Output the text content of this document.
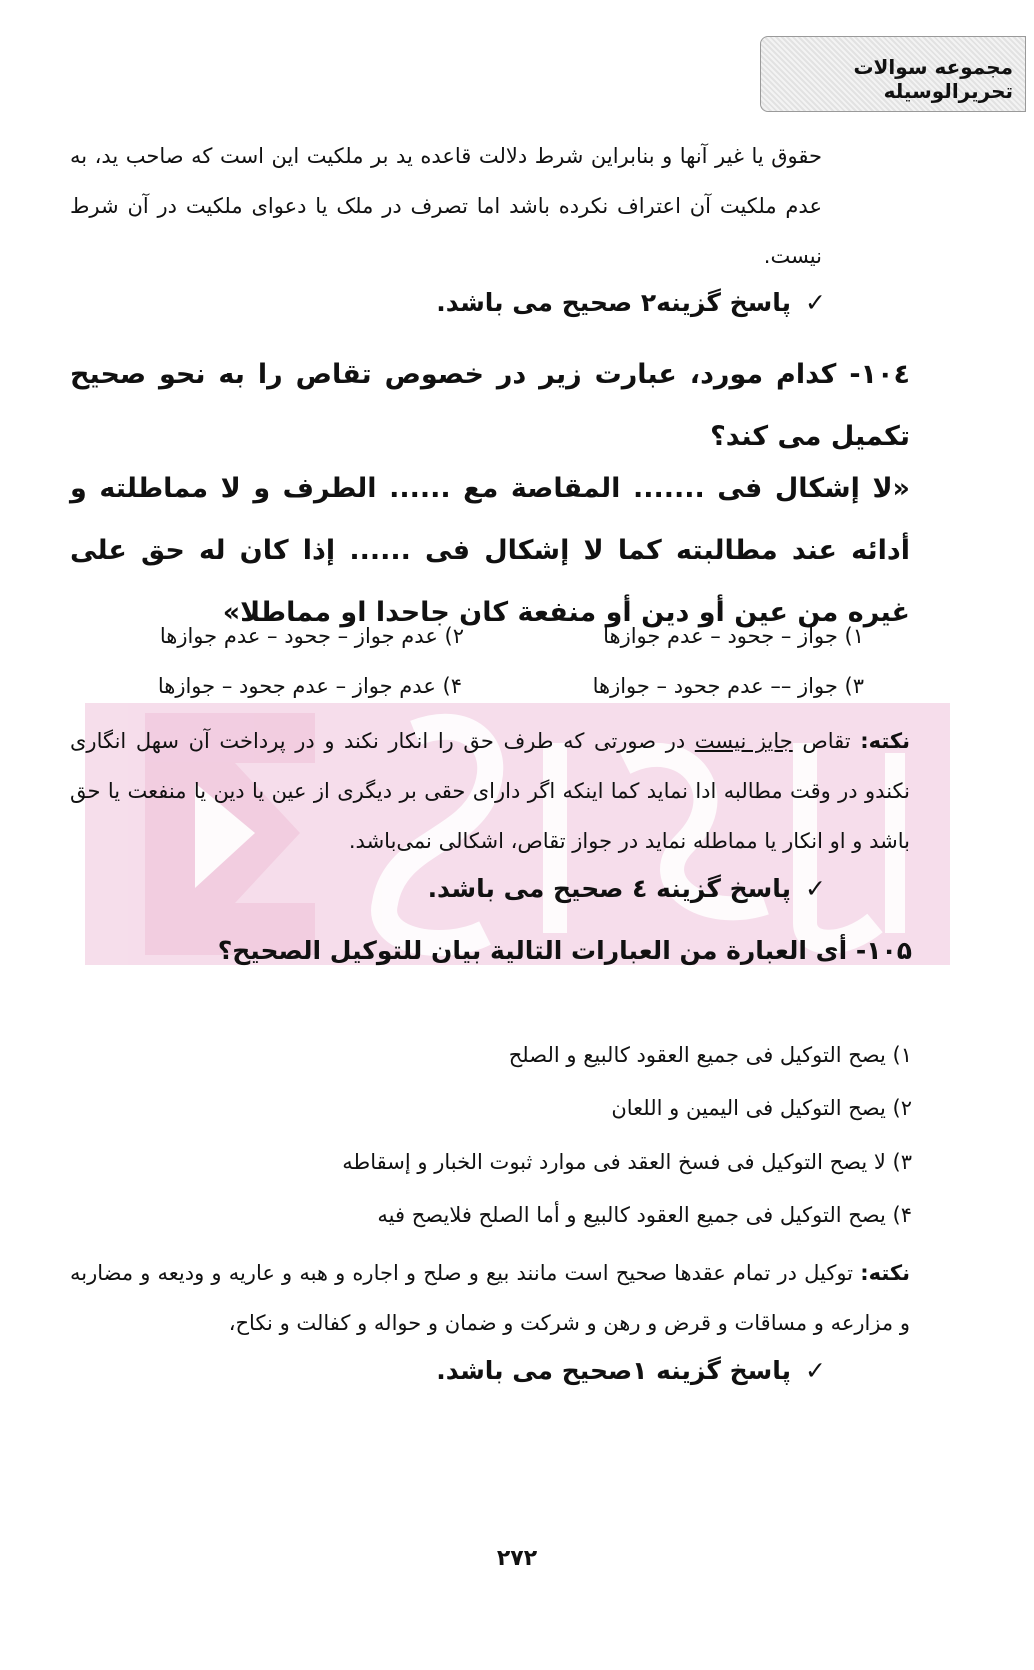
مجموعه سوالات تحریرالوسیله
حقوق یا غیر آنها و بنابراین شرط دلالت قاعده ید بر ملکیت این است که صاحب ید، به عدم ملکیت آن اعتراف نکرده باشد اما تصرف در ملک یا دعوای ملکیت در آن شرط نیست.
✓پاسخ گزینه۲ صحیح می باشد.
۱۰٤- کدام مورد، عبارت زیر در خصوص تقاص را به نحو صحیح تکمیل می کند؟
«لا إشکال فی ....... المقاصة مع ...... الطرف و لا مماطلته و أدائه عند مطالبته کما لا إشکال فی ...... إذا کان له حق علی غیره من عین أو دین أو منفعة کان جاحدا او مماطلا»
۱) جواز – جحود – عدم جوازها
۲) عدم جواز – جحود – عدم جوازها
۳) جواز –– عدم جحود – جوازها
۴) عدم جواز – عدم جحود – جوازها
نکته: تقاص جایز نیست در صورتی که طرف حق را انکار نکند و در پرداخت آن سهل انگاری نکندو در وقت مطالبه ادا نماید کما اینکه اگر دارای حقی بر دیگری از عین یا دین یا منفعت یا حق باشد و او انکار یا مماطله نماید در جواز تقاص، اشکالی نمی‌باشد.
✓پاسخ گزینه ٤ صحیح می باشد.
۱۰۵- أی العبارة من العبارات التالیة بیان للتوکیل الصحیح؟
۱) یصح التوکیل فی جمیع العقود کالبیع و الصلح
۲) یصح التوکیل فی الیمین و اللعان
۳) لا یصح التوکیل فی فسخ العقد فی موارد ثبوت الخبار و إسقاطه
۴) یصح التوکیل فی جمیع العقود کالبیع و أما الصلح فلایصح فیه
نکته: توکیل در تمام عقدها صحیح است مانند بیع و صلح و اجاره و هبه و عاریه و ودیعه و مضاربه و مزارعه و مساقات و قرض و رهن و شرکت و ضمان و حواله و کفالت و نکاح،
✓پاسخ گزینه ۱صحیح می باشد.
۲۷۲
